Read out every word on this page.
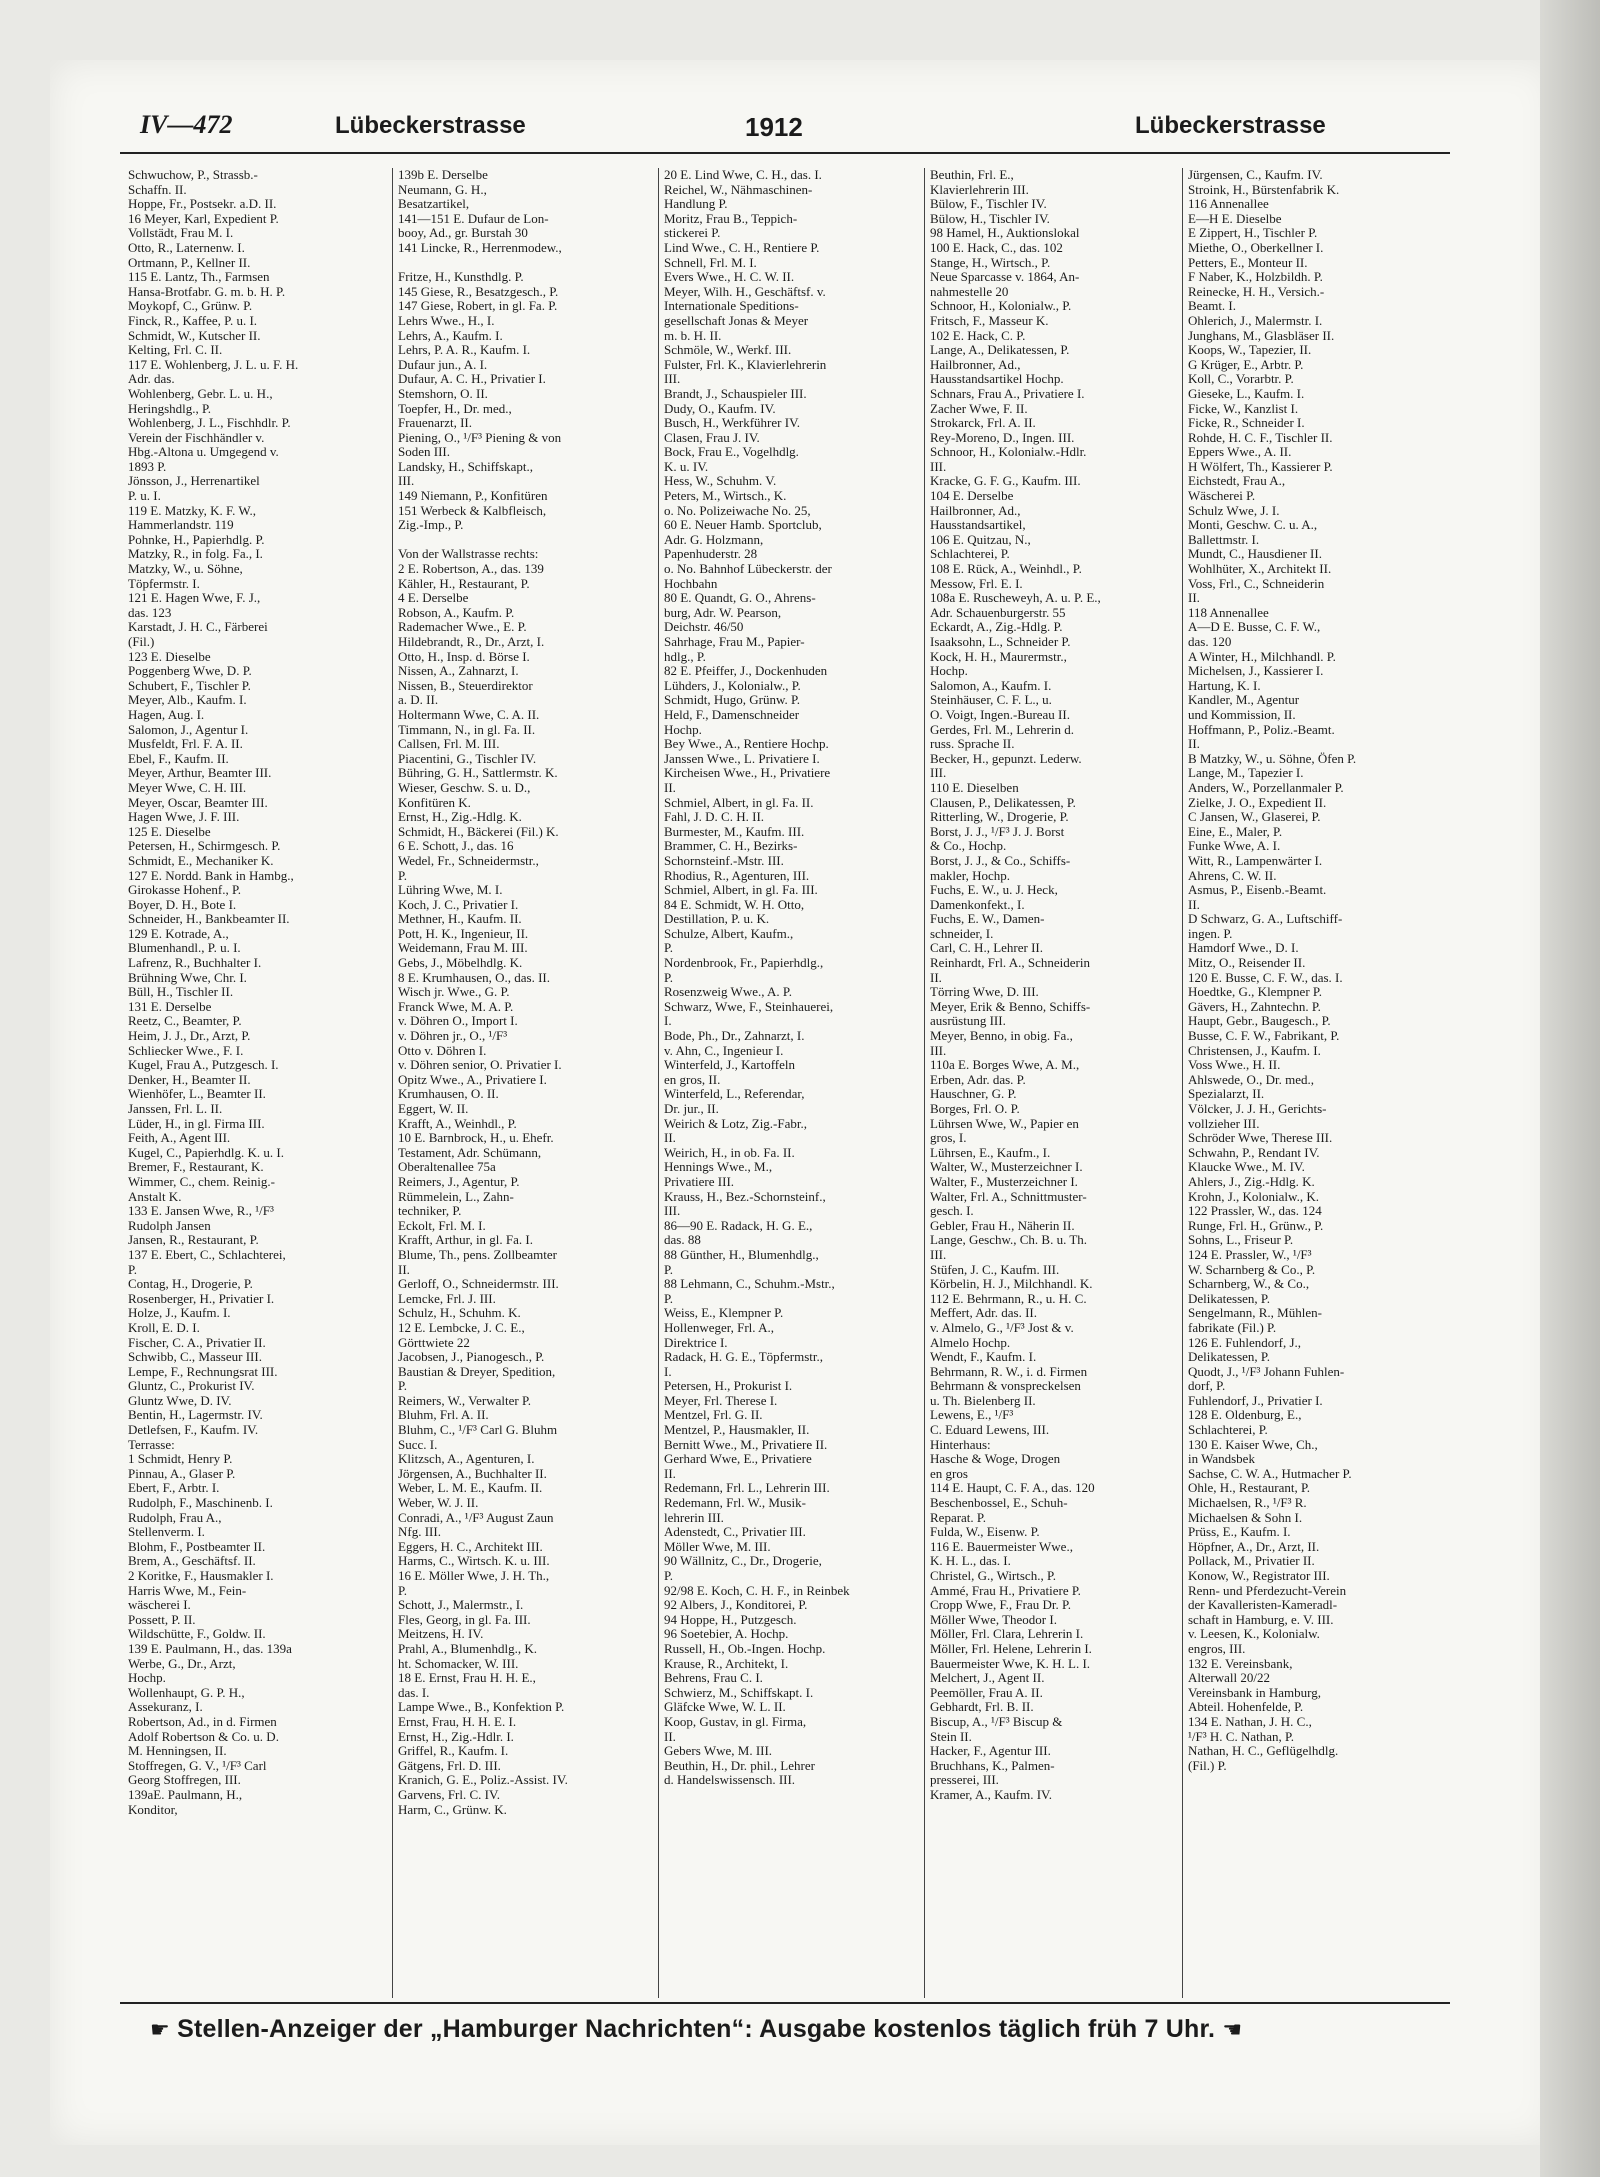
IV—472	Lübeckerstrasse	1912	Lübeckerstrasse
Schwuchow, P., Strassb.-
Schaffn. II.
Hoppe, Fr., Postsekr. a.D. II.
16 Meyer, Karl, Expedient P.
Vollstädt, Frau M. I.
Otto, R., Laternenw. I.
Ortmann, P., Kellner II.
115 E. Lantz, Th., Farmsen
Hansa-Brotfabr. G. m. b. H. P.
Moykopf, C., Grünw. P.
Finck, R., Kaffee, P. u. I.
Schmidt, W., Kutscher II.
Kelting, Frl. C. II.
117 E. Wohlenberg, J. L. u. F. H.
Adr. das.
Wohlenberg, Gebr. L. u. H.,
Heringshdlg., P.
Wohlenberg, J. L., Fischhdlr. P.
Verein der Fischhändler v.
Hbg.-Altona u. Umgegend v.
1893 P.
Jönsson, J., Herrenartikel
P. u. I.
119 E. Matzky, K. F. W.,
Hammerlandstr. 119
Pohnke, H., Papierhdlg. P.
Matzky, R., in folg. Fa., I.
Matzky, W., u. Söhne,
Töpfermstr. I.
121 E. Hagen Wwe, F. J.,
das. 123
Karstadt, J. H. C., Färberei
(Fil.)
123 E. Dieselbe
Poggenberg Wwe, D. P.
Schubert, F., Tischler P.
Meyer, Alb., Kaufm. I.
Hagen, Aug. I.
Salomon, J., Agentur I.
Musfeldt, Frl. F. A. II.
Ebel, F., Kaufm. II.
Meyer, Arthur, Beamter III.
Meyer Wwe, C. H. III.
Meyer, Oscar, Beamter III.
Hagen Wwe, J. F. III.
125 E. Dieselbe
Petersen, H., Schirmgesch. P.
Schmidt, E., Mechaniker K.
127 E. Nordd. Bank in Hambg.,
Girokasse Hohenf., P.
Boyer, D. H., Bote I.
Schneider, H., Bankbeamter II.
129 E. Kotrade, A.,
Blumenhandl., P. u. I.
Lafrenz, R., Buchhalter I.
Brühning Wwe, Chr. I.
Büll, H., Tischler II.
131 E. Derselbe
Reetz, C., Beamter, P.
Heim, J. J., Dr., Arzt, P.
Schliecker Wwe., F. I.
Kugel, Frau A., Putzgesch. I.
Denker, H., Beamter II.
Wienhöfer, L., Beamter II.
Janssen, Frl. L. II.
Lüder, H., in gl. Firma III.
Feith, A., Agent III.
Kugel, C., Papierhdlg. K. u. I.
Bremer, F., Restaurant, K.
Wimmer, C., chem. Reinig.-
Anstalt K.
133 E. Jansen Wwe, R., ¹/F³
Rudolph Jansen
Jansen, R., Restaurant, P.
137 E. Ebert, C., Schlachterei,
P.
Contag, H., Drogerie, P.
Rosenberger, H., Privatier I.
Holze, J., Kaufm. I.
Kroll, E. D. I.
Fischer, C. A., Privatier II.
Schwibb, C., Masseur III.
Lempe, F., Rechnungsrat III.
Gluntz, C., Prokurist IV.
Gluntz Wwe, D. IV.
Bentin, H., Lagermstr. IV.
Detlefsen, F., Kaufm. IV.
Terrasse:
1 Schmidt, Henry P.
Pinnau, A., Glaser P.
Ebert, F., Arbtr. I.
Rudolph, F., Maschinenb. I.
Rudolph, Frau A.,
Stellenverm. I.
Blohm, F., Postbeamter II.
Brem, A., Geschäftsf. II.
2 Koritke, F., Hausmakler I.
Harris Wwe, M., Fein-
wäscherei I.
Possett, P. II.
Wildschütte, F., Goldw. II.
139 E. Paulmann, H., das. 139a
Werbe, G., Dr., Arzt,
Hochp.
Wollenhaupt, G. P. H.,
Assekuranz, I.
Robertson, Ad., in d. Firmen
Adolf Robertson & Co. u. D.
M. Henningsen, II.
Stoffregen, G. V., ¹/F³ Carl
Georg Stoffregen, III.
139aE. Paulmann, H.,
Konditor,
139b E. Derselbe
Neumann, G. H.,
Besatzartikel,
141—151 E. Dufaur de Lon-
booy, Ad., gr. Burstah 30
141 Lincke, R., Herrenmodew.,

Fritze, H., Kunsthdlg. P.
145 Giese, R., Besatzgesch., P.
147 Giese, Robert, in gl. Fa. P.
Lehrs Wwe., H., I.
Lehrs, A., Kaufm. I.
Lehrs, P. A. R., Kaufm. I.
Dufaur jun., A. I.
Dufaur, A. C. H., Privatier I.
Stemshorn, O. II.
Toepfer, H., Dr. med.,
Frauenarzt, II.
Piening, O., ¹/F³ Piening & von
Soden III.
Landsky, H., Schiffskapt.,
III.
149 Niemann, P., Konfitüren
151 Werbeck & Kalbfleisch,
Zig.-Imp., P.

Von der Wallstrasse rechts:
2 E. Robertson, A., das. 139
Kähler, H., Restaurant, P.
4 E. Derselbe
Robson, A., Kaufm. P.
Rademacher Wwe., E. P.
Hildebrandt, R., Dr., Arzt, I.
Otto, H., Insp. d. Börse I.
Nissen, A., Zahnarzt, I.
Nissen, B., Steuerdirektor
a. D. II.
Holtermann Wwe, C. A. II.
Timmann, N., in gl. Fa. II.
Callsen, Frl. M. III.
Piacentini, G., Tischler IV.
Bühring, G. H., Sattlermstr. K.
Wieser, Geschw. S. u. D.,
Konfitüren K.
Ernst, H., Zig.-Hdlg. K.
Schmidt, H., Bäckerei (Fil.) K.
6 E. Schott, J., das. 16
Wedel, Fr., Schneidermstr.,
P.
Lühring Wwe, M. I.
Koch, J. C., Privatier I.
Methner, H., Kaufm. II.
Pott, H. K., Ingenieur, II.
Weidemann, Frau M. III.
Gebs, J., Möbelhdlg. K.
8 E. Krumhausen, O., das. II.
Wisch jr. Wwe., G. P.
Franck Wwe, M. A. P.
v. Döhren O., Import I.
v. Döhren jr., O., ¹/F³
Otto v. Döhren I.
v. Döhren senior, O. Privatier I.
Opitz Wwe., A., Privatiere I.
Krumhausen, O. II.
Eggert, W. II.
Krafft, A., Weinhdl., P.
10 E. Barnbrock, H., u. Ehefr.
Testament, Adr. Schümann,
Oberaltenallee 75a
Reimers, J., Agentur, P.
Rümmelein, L., Zahn-
techniker, P.
Eckolt, Frl. M. I.
Krafft, Arthur, in gl. Fa. I.
Blume, Th., pens. Zollbeamter
II.
Gerloff, O., Schneidermstr. III.
Lemcke, Frl. J. III.
Schulz, H., Schuhm. K.
12 E. Lembcke, J. C. E.,
Görttwiete 22
Jacobsen, J., Pianogesch., P.
Baustian & Dreyer, Spedition,
P.
Reimers, W., Verwalter P.
Bluhm, Frl. A. II.
Bluhm, C., ¹/F³ Carl G. Bluhm
Succ. I.
Klitzsch, A., Agenturen, I.
Jörgensen, A., Buchhalter II.
Weber, L. M. E., Kaufm. II.
Weber, W. J. II.
Conradi, A., ¹/F³ August Zaun
Nfg. III.
Eggers, H. C., Architekt III.
Harms, C., Wirtsch. K. u. III.
16 E. Möller Wwe, J. H. Th.,
P.
Schott, J., Malermstr., I.
Fles, Georg, in gl. Fa. III.
Meitzens, H. IV.
Prahl, A., Blumenhdlg., K.
ht. Schomacker, W. III.
18 E. Ernst, Frau H. H. E.,
das. I.
Lampe Wwe., B., Konfektion P.
Ernst, Frau, H. H. E. I.
Ernst, H., Zig.-Hdlr. I.
Griffel, R., Kaufm. I.
Gätgens, Frl. D. III.
Kranich, G. E., Poliz.-Assist. IV.
Garvens, Frl. C. IV.
Harm, C., Grünw. K.
20 E. Lind Wwe, C. H., das. I.
Reichel, W., Nähmaschinen-
Handlung P.
Moritz, Frau B., Teppich-
stickerei P.
Lind Wwe., C. H., Rentiere P.
Schnell, Frl. M. I.
Evers Wwe., H. C. W. II.
Meyer, Wilh. H., Geschäftsf. v.
Internationale Speditions-
gesellschaft Jonas & Meyer
m. b. H. II.
Schmöle, W., Werkf. III.
Fulster, Frl. K., Klavierlehrerin
III.
Brandt, J., Schauspieler III.
Dudy, O., Kaufm. IV.
Busch, H., Werkführer IV.
Clasen, Frau J. IV.
Bock, Frau E., Vogelhdlg.
K. u. IV.
Hess, W., Schuhm. V.
Peters, M., Wirtsch., K.
o. No. Polizeiwache No. 25,
60 E. Neuer Hamb. Sportclub,
Adr. G. Holzmann,
Papenhuderstr. 28
o. No. Bahnhof Lübeckerstr. der
Hochbahn
80 E. Quandt, G. O., Ahrens-
burg, Adr. W. Pearson,
Deichstr. 46/50
Sahrhage, Frau M., Papier-
hdlg., P.
82 E. Pfeiffer, J., Dockenhuden
Lühders, J., Kolonialw., P.
Schmidt, Hugo, Grünw. P.
Held, F., Damenschneider
Hochp.
Bey Wwe., A., Rentiere Hochp.
Janssen Wwe., L. Privatiere I.
Kircheisen Wwe., H., Privatiere
II.
Schmiel, Albert, in gl. Fa. II.
Fahl, J. D. C. H. II.
Burmester, M., Kaufm. III.
Brammer, C. H., Bezirks-
Schornsteinf.-Mstr. III.
Rhodius, R., Agenturen, III.
Schmiel, Albert, in gl. Fa. III.
84 E. Schmidt, W. H. Otto,
Destillation, P. u. K.
Schulze, Albert, Kaufm.,
P.
Nordenbrook, Fr., Papierhdlg.,
P.
Rosenzweig Wwe., A. P.
Schwarz, Wwe, F., Steinhauerei,
I.
Bode, Ph., Dr., Zahnarzt, I.
v. Ahn, C., Ingenieur I.
Winterfeld, J., Kartoffeln
en gros, II.
Winterfeld, L., Referendar,
Dr. jur., II.
Weirich & Lotz, Zig.-Fabr.,
II.
Weirich, H., in ob. Fa. II.
Hennings Wwe., M.,
Privatiere III.
Krauss, H., Bez.-Schornsteinf.,
III.
86—90 E. Radack, H. G. E.,
das. 88
88 Günther, H., Blumenhdlg.,
P.
88 Lehmann, C., Schuhm.-Mstr.,
P.
Weiss, E., Klempner P.
Hollenweger, Frl. A.,
Direktrice I.
Radack, H. G. E., Töpfermstr.,
I.
Petersen, H., Prokurist I.
Meyer, Frl. Therese I.
Mentzel, Frl. G. II.
Mentzel, P., Hausmakler, II.
Bernitt Wwe., M., Privatiere II.
Gerhard Wwe, E., Privatiere
II.
Redemann, Frl. L., Lehrerin III.
Redemann, Frl. W., Musik-
lehrerin III.
Adenstedt, C., Privatier III.
Möller Wwe, M. III.
90 Wällnitz, C., Dr., Drogerie,
P.
92/98 E. Koch, C. H. F., in Reinbek
92 Albers, J., Konditorei, P.
94 Hoppe, H., Putzgesch.
96 Soetebier, A. Hochp.
Russell, H., Ob.-Ingen. Hochp.
Krause, R., Architekt, I.
Behrens, Frau C. I.
Schwierz, M., Schiffskapt. I.
Gläfcke Wwe, W. L. II.
Koop, Gustav, in gl. Firma,
II.
Gebers Wwe, M. III.
Beuthin, H., Dr. phil., Lehrer
d. Handelswissensch. III.
Beuthin, Frl. E.,
Klavierlehrerin III.
Bülow, F., Tischler IV.
Bülow, H., Tischler IV.
98 Hamel, H., Auktionslokal
100 E. Hack, C., das. 102
Stange, H., Wirtsch., P.
Neue Sparcasse v. 1864, An-
nahmestelle 20
Schnoor, H., Kolonialw., P.
Fritsch, F., Masseur K.
102 E. Hack, C. P.
Lange, A., Delikatessen, P.
Hailbronner, Ad.,
Hausstandsartikel Hochp.
Schnars, Frau A., Privatiere I.
Zacher Wwe, F. II.
Strokarck, Frl. A. II.
Rey-Moreno, D., Ingen. III.
Schnoor, H., Kolonialw.-Hdlr.
III.
Kracke, G. F. G., Kaufm. III.
104 E. Derselbe
Hailbronner, Ad.,
Hausstandsartikel,
106 E. Quitzau, N.,
Schlachterei, P.
108 E. Rück, A., Weinhdl., P.
Messow, Frl. E. I.
108a E. Ruscheweyh, A. u. P. E.,
Adr. Schauenburgerstr. 55
Eckardt, A., Zig.-Hdlg. P.
Isaaksohn, L., Schneider P.
Kock, H. H., Maurermstr.,
Hochp.
Salomon, A., Kaufm. I.
Steinhäuser, C. F. L., u.
O. Voigt, Ingen.-Bureau II.
Gerdes, Frl. M., Lehrerin d.
russ. Sprache II.
Becker, H., gepunzt. Lederw.
III.
110 E. Dieselben
Clausen, P., Delikatessen, P.
Ritterling, W., Drogerie, P.
Borst, J. J., ¹/F³ J. J. Borst
& Co., Hochp.
Borst, J. J., & Co., Schiffs-
makler, Hochp.
Fuchs, E. W., u. J. Heck,
Damenkonfekt., I.
Fuchs, E. W., Damen-
schneider, I.
Carl, C. H., Lehrer II.
Reinhardt, Frl. A., Schneiderin
II.
Törring Wwe, D. III.
Meyer, Erik & Benno, Schiffs-
ausrüstung III.
Meyer, Benno, in obig. Fa.,
III.
110a E. Borges Wwe, A. M.,
Erben, Adr. das. P.
Hauschner, G. P.
Borges, Frl. O. P.
Lührsen Wwe, W., Papier en
gros, I.
Lührsen, E., Kaufm., I.
Walter, W., Musterzeichner I.
Walter, F., Musterzeichner I.
Walter, Frl. A., Schnittmuster-
gesch. I.
Gebler, Frau H., Näherin II.
Lange, Geschw., Ch. B. u. Th.
III.
Stüfen, J. C., Kaufm. III.
Körbelin, H. J., Milchhandl. K.
112 E. Behrmann, R., u. H. C.
Meffert, Adr. das. II.
v. Almelo, G., ¹/F³ Jost & v.
Almelo Hochp.
Wendt, F., Kaufm. I.
Behrmann, R. W., i. d. Firmen
Behrmann & vonspreckelsen
u. Th. Bielenberg II.
Lewens, E., ¹/F³
C. Eduard Lewens, III.
Hinterhaus:
Hasche & Woge, Drogen
en gros
114 E. Haupt, C. F. A., das. 120
Beschenbossel, E., Schuh-
Reparat. P.
Fulda, W., Eisenw. P.
116 E. Bauermeister Wwe.,
K. H. L., das. I.
Christel, G., Wirtsch., P.
Ammé, Frau H., Privatiere P.
Cropp Wwe, F., Frau Dr. P.
Möller Wwe, Theodor I.
Möller, Frl. Clara, Lehrerin I.
Möller, Frl. Helene, Lehrerin I.
Bauermeister Wwe, K. H. L. I.
Melchert, J., Agent II.
Peemöller, Frau A. II.
Gebhardt, Frl. B. II.
Biscup, A., ¹/F³ Biscup &
Stein II.
Hacker, F., Agentur III.
Bruchhans, K., Palmen-
presserei, III.
Kramer, A., Kaufm. IV.
Jürgensen, C., Kaufm. IV.
Stroink, H., Bürstenfabrik K.
116 Annenallee
E—H E. Dieselbe
E Zippert, H., Tischler P.
Miethe, O., Oberkellner I.
Petters, E., Monteur II.
F Naber, K., Holzbildh. P.
Reinecke, H. H., Versich.-
Beamt. I.
Ohlerich, J., Malermstr. I.
Junghans, M., Glasbläser II.
Koops, W., Tapezier, II.
G Krüger, E., Arbtr. P.
Koll, C., Vorarbtr. P.
Gieseke, L., Kaufm. I.
Ficke, W., Kanzlist I.
Ficke, R., Schneider I.
Rohde, H. C. F., Tischler II.
Eppers Wwe., A. II.
H Wölfert, Th., Kassierer P.
Eichstedt, Frau A.,
Wäscherei P.
Schulz Wwe, J. I.
Monti, Geschw. C. u. A.,
Ballettmstr. I.
Mundt, C., Hausdiener II.
Wohlhüter, X., Architekt II.
Voss, Frl., C., Schneiderin
II.
118 Annenallee
A—D E. Busse, C. F. W.,
das. 120
A Winter, H., Milchhandl. P.
Michelsen, J., Kassierer I.
Hartung, K. I.
Kandler, M., Agentur
und Kommission, II.
Hoffmann, P., Poliz.-Beamt.
II.
B Matzky, W., u. Söhne, Öfen P.
Lange, M., Tapezier I.
Anders, W., Porzellanmaler P.
Zielke, J. O., Expedient II.
C Jansen, W., Glaserei, P.
Eine, E., Maler, P.
Funke Wwe, A. I.
Witt, R., Lampenwärter I.
Ahrens, C. W. II.
Asmus, P., Eisenb.-Beamt.
II.
D Schwarz, G. A., Luftschiff-
ingen. P.
Hamdorf Wwe., D. I.
Mitz, O., Reisender II.
120 E. Busse, C. F. W., das. I.
Hoedtke, G., Klempner P.
Gävers, H., Zahntechn. P.
Haupt, Gebr., Baugesch., P.
Busse, C. F. W., Fabrikant, P.
Christensen, J., Kaufm. I.
Voss Wwe., H. II.
Ahlswede, O., Dr. med.,
Spezialarzt, II.
Völcker, J. J. H., Gerichts-
vollzieher III.
Schröder Wwe, Therese III.
Schwahn, P., Rendant IV.
Klaucke Wwe., M. IV.
Ahlers, J., Zig.-Hdlg. K.
Krohn, J., Kolonialw., K.
122 Prassler, W., das. 124
Runge, Frl. H., Grünw., P.
Sohns, L., Friseur P.
124 E. Prassler, W., ¹/F³
W. Scharnberg & Co., P.
Scharnberg, W., & Co.,
Delikatessen, P.
Sengelmann, R., Mühlen-
fabrikate (Fil.) P.
126 E. Fuhlendorf, J.,
Delikatessen, P.
Quodt, J., ¹/F³ Johann Fuhlen-
dorf, P.
Fuhlendorf, J., Privatier I.
128 E. Oldenburg, E.,
Schlachterei, P.
130 E. Kaiser Wwe, Ch.,
in Wandsbek
Sachse, C. W. A., Hutmacher P.
Ohle, H., Restaurant, P.
Michaelsen, R., ¹/F³ R.
Michaelsen & Sohn I.
Prüss, E., Kaufm. I.
Höpfner, A., Dr., Arzt, II.
Pollack, M., Privatier II.
Konow, W., Registrator III.
Renn- und Pferdezucht-Verein
der Kavalleristen-Kameradl-
schaft in Hamburg, e. V. III.
v. Leesen, K., Kolonialw.
engros, III.
132 E. Vereinsbank,
Alterwall 20/22
Vereinsbank in Hamburg,
Abteil. Hohenfelde, P.
134 E. Nathan, J. H. C.,
¹/F³ H. C. Nathan, P.
Nathan, H. C., Geflügelhdlg.
(Fil.) P.
☛ Stellen-Anzeiger der „Hamburger Nachrichten“: Ausgabe kostenlos täglich früh 7 Uhr. ☚
